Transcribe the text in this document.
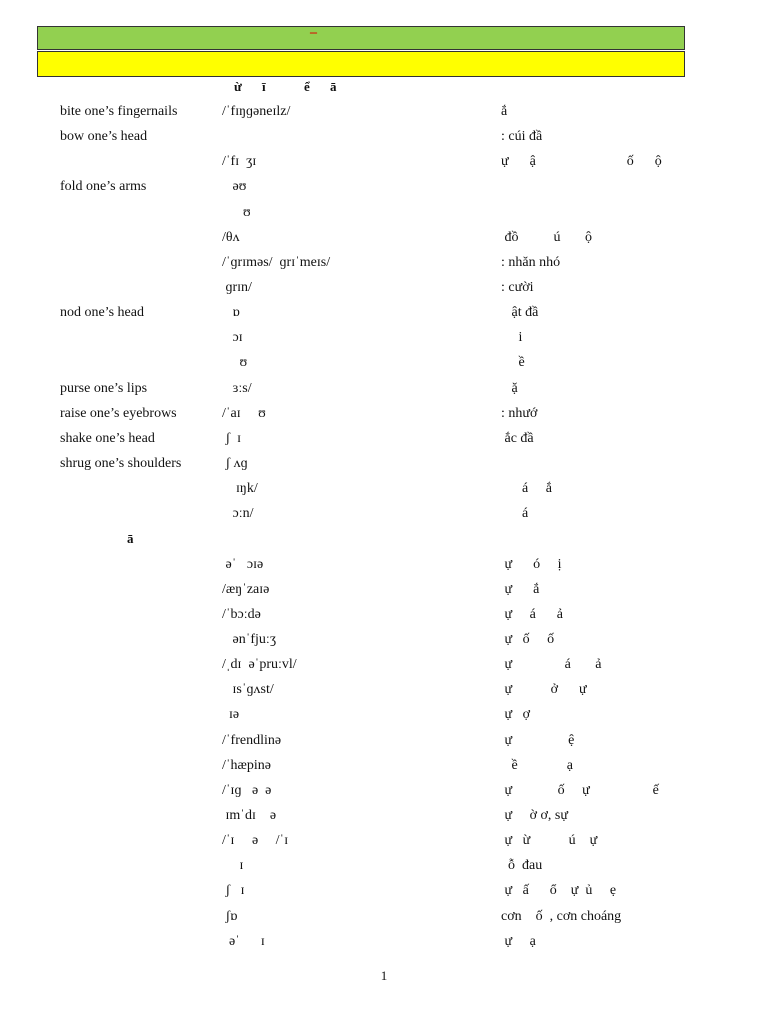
–
ừ ī	ể ā
bite one’s fingernails	/ˈfɪŋɡəneɪlz/	ắ
bow one’s head	: cúi đầ
/ˈfɪ  ʒɪ	ự      ậ                          ố      ộ
fold one’s arms	əʊ
ʊ
/θʌ	đồ          ú       ộ
/ˈɡrɪməs/  ɡrɪˈmeɪs/	: nhăn nhó
ɡrɪn/	: cười
nod one’s head	ɒ	ật đầ
ɔɪ	i
ʊ	ề
purse one’s lips	ɜːs/	ặ
raise one’s eyebrows	/ˈaɪ     ʊ	: nhướ
shake one’s head	ʃ  ɪ	ắc đầ
shrug one’s shoulders	ʃ ʌɡ
ɪŋk/	á     ắ
ɔːn/	á
ā
əˈ   ɔɪə	ự      ó     ị
/æŋˈzaɪə	ự      ắ
/ˈbɔːdə	ự     á      ả
ənˈfjuːʒ	ự   ố     ố
/ˌdɪ  əˈpruːvl/	ự               á       ả
ɪsˈɡʌst/	ự           ở      ự
ɪə	ự   ợ
/ˈfrendlinə	ự                ệ
/ˈhæpinə	ề              ạ
/ˈɪɡ   ə  ə	ự             ố     ự                  ế
ɪmˈdɪ    ə	ự     ờ ơ, sự
/ˈɪ     ə     /ˈɪ	ự   ừ           ú    ự
ɪ	ỗ  đau
ʃ   ɪ	ự   ấ      ổ    ự  ủ     ẹ
ʃɒ	cơn    ố  , cơn choáng
əˈ      ɪ	ự     ạ
1
